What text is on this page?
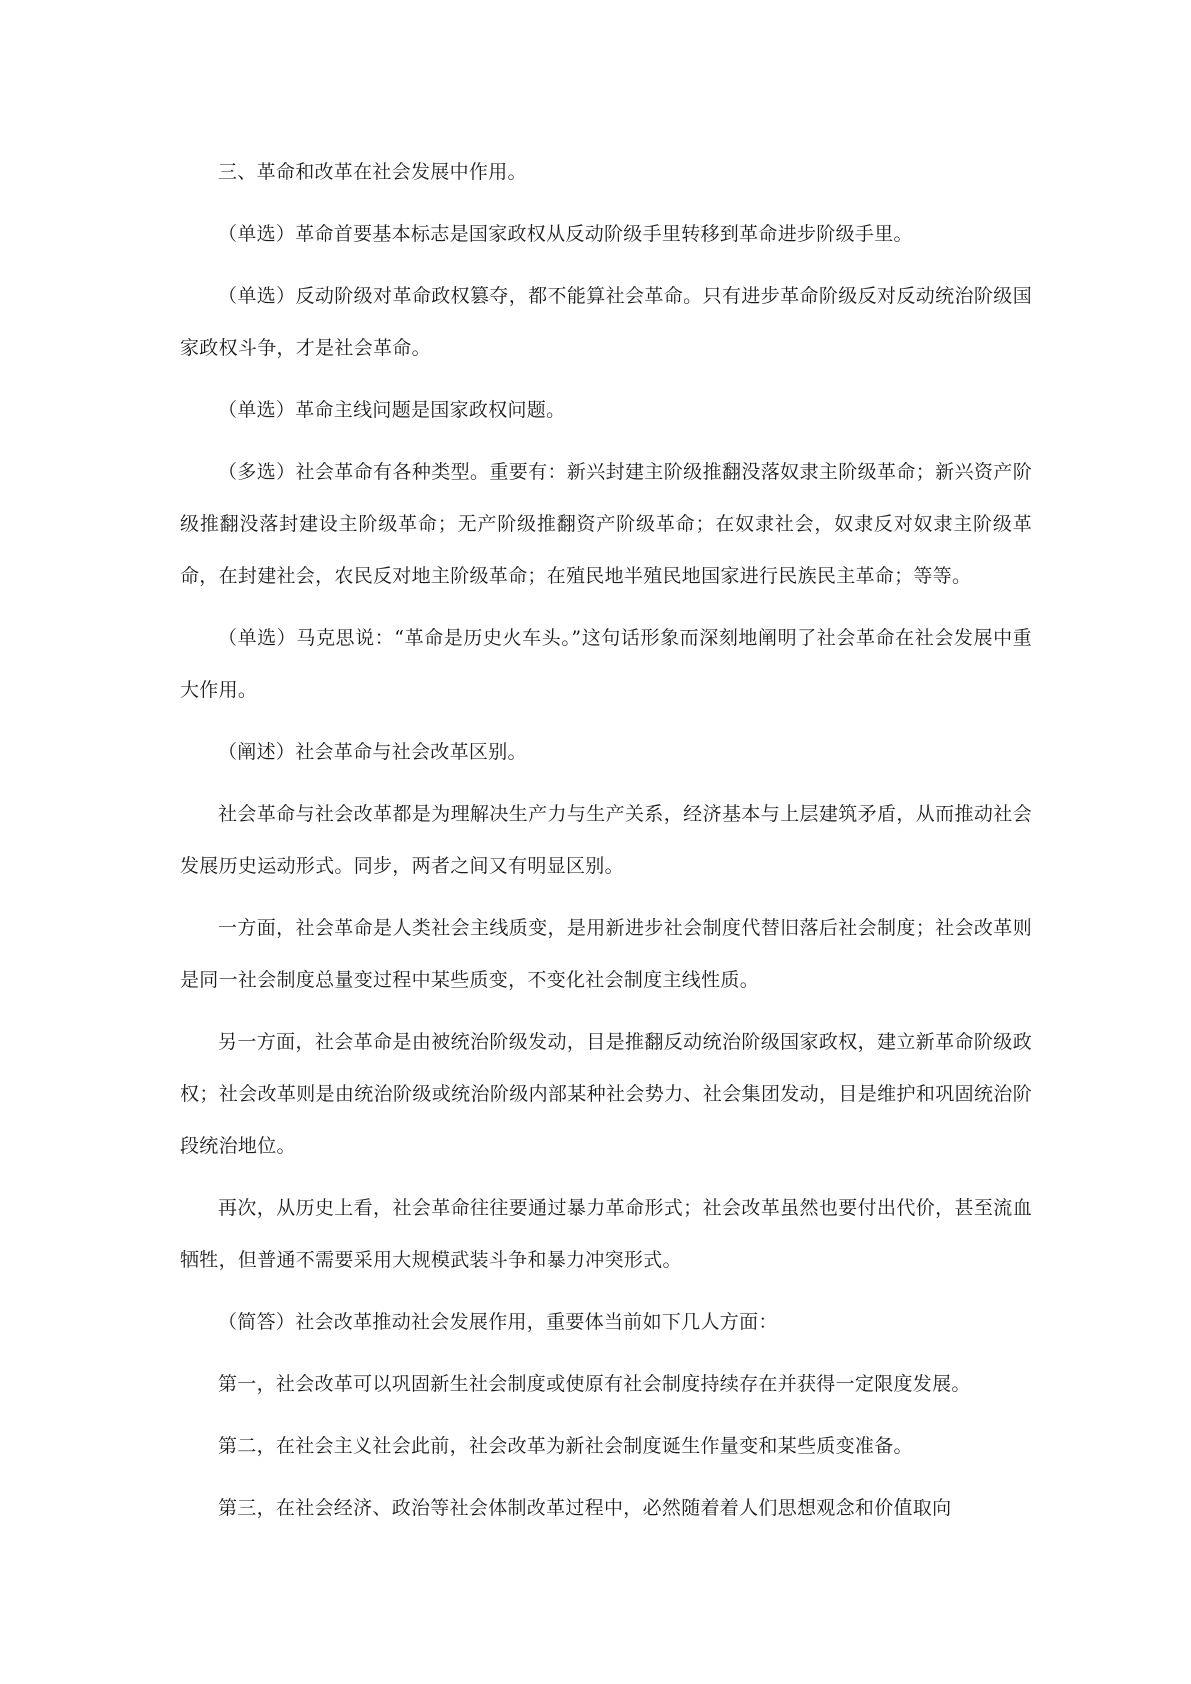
三、革命和改革在社会发展中作用。

（单选）革命首要基本标志是国家政权从反动阶级手里转移到革命进步阶级手里。

（单选）反动阶级对革命政权篡夺，都不能算社会革命。只有进步革命阶级反对反动统治阶级国家政权斗争，才是社会革命。

（单选）革命主线问题是国家政权问题。

（多选）社会革命有各种类型。重要有：新兴封建主阶级推翻没落奴隶主阶级革命；新兴资产阶级推翻没落封建设主阶级革命；无产阶级推翻资产阶级革命；在奴隶社会，奴隶反对奴隶主阶级革命，在封建社会，农民反对地主阶级革命；在殖民地半殖民地国家进行民族民主革命；等等。

（单选）马克思说：“革命是历史火车头。”这句话形象而深刻地阐明了社会革命在社会发展中重大作用。

（阐述）社会革命与社会改革区别。

社会革命与社会改革都是为理解决生产力与生产关系，经济基本与上层建筑矛盾，从而推动社会发展历史运动形式。同步，两者之间又有明显区别。

一方面，社会革命是人类社会主线质变，是用新进步社会制度代替旧落后社会制度；社会改革则是同一社会制度总量变过程中某些质变，不变化社会制度主线性质。

另一方面，社会革命是由被统治阶级发动，目是推翻反动统治阶级国家政权，建立新革命阶级政权；社会改革则是由统治阶级或统治阶级内部某种社会势力、社会集团发动，目是维护和巩固统治阶段统治地位。

再次，从历史上看，社会革命往往要通过暴力革命形式；社会改革虽然也要付出代价，甚至流血牺牲，但普通不需要采用大规模武装斗争和暴力冲突形式。

（简答）社会改革推动社会发展作用，重要体当前如下几人方面：

第一，社会改革可以巩固新生社会制度或使原有社会制度持续存在并获得一定限度发展。

第二，在社会主义社会此前，社会改革为新社会制度诞生作量变和某些质变准备。

第三，在社会经济、政治等社会体制改革过程中，必然随着着人们思想观念和价值取向
